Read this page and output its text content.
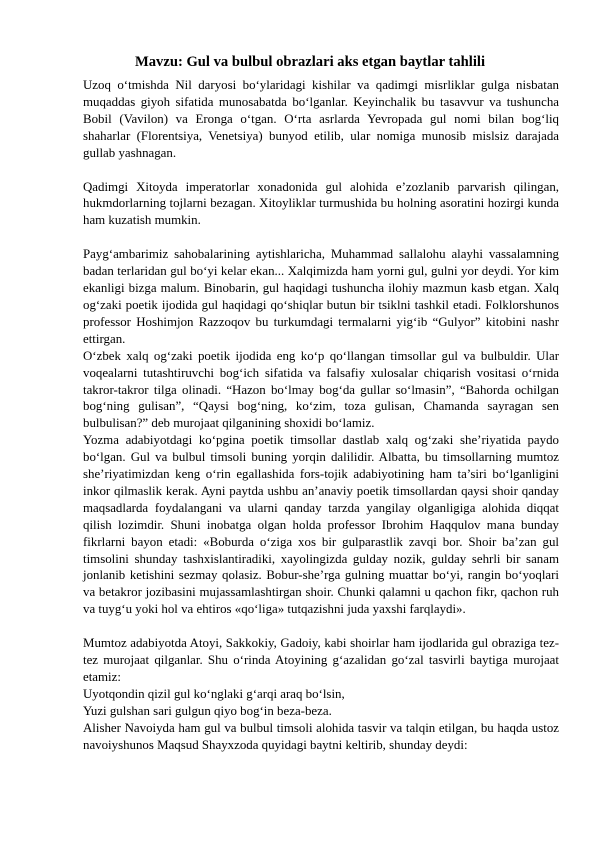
Mavzu: Gul va bulbul obrazlari aks etgan baytlar tahlili

Uzoq o‘tmishda Nil daryosi bo‘ylaridagi kishilar va qadimgi misrliklar gulga nisbatan muqaddas giyoh sifatida munosabatda bo‘lganlar. Keyinchalik bu tasavvur va tushuncha Bobil (Vavilon) va Eronga o‘tgan. O‘rta asrlarda Yevropada gul nomi bilan bog‘liq shaharlar (Florentsiya, Venetsiya) bunyod etilib, ular nomiga munosib mislsiz darajada gullab yashnagan.

Qadimgi Xitoyda imperatorlar xonadonida gul alohida e’zozlanib parvarish qilingan, hukmdorlarning tojlarni bezagan. Xitoyliklar turmushida bu holning asoratini hozirgi kunda ham kuzatish mumkin.

Payg‘ambarimiz sahobalarining aytishlaricha, Muhammad sallalohu alayhi vassalamning badan terlaridan gul bo‘yi kelar ekan... Xalqimizda ham yorni gul, gulni yor deydi. Yor kim ekanligi bizga malum. Binobarin, gul haqidagi tushuncha ilohiy mazmun kasb etgan. Xalq og‘zaki poetik ijodida gul haqidagi qo‘shiqlar butun bir tsiklni tashkil etadi. Folklorshunos professor Hoshimjon Razzoqov bu turkumdagi termalarni yig‘ib “Gulyor” kitobini nashr ettirgan.

O‘zbek xalq og‘zaki poetik ijodida eng ko‘p qo‘llangan timsollar gul va bulbuldir. Ular voqealarni tutashtiruvchi bog‘ich sifatida va falsafiy xulosalar chiqarish vositasi o‘rnida takror-takror tilga olinadi. “Hazon bo‘lmay bog‘da gullar so‘lmasin”, “Bahorda ochilgan bog‘ning gulisan”, “Qaysi bog‘ning, ko‘zim, toza gulisan, Chamanda sayragan sen bulbulisan?” deb murojaat qilganining shoxidi bo‘lamiz.

Yozma adabiyotdagi ko‘pgina poetik timsollar dastlab xalq og‘zaki she’riyatida paydo bo‘lgan. Gul va bulbul timsoli buning yorqin dalilidir. Albatta, bu timsollarning mumtoz she’riyatimizdan keng o‘rin egallashida fors-tojik adabiyotining ham ta’siri bo‘lganligini inkor qilmaslik kerak. Ayni paytda ushbu an’anaviy poetik timsollardan qaysi shoir qanday maqsadlarda foydalangani va ularni qanday tarzda yangilay olganligiga alohida diqqat qilish lozimdir. Shuni inobatga olgan holda professor Ibrohim Haqqulov mana bunday fikrlarni bayon etadi: «Boburda o‘ziga xos bir gulparastlik zavqi bor. Shoir ba’zan gul timsolini shunday tashxislantiradiki, xayolingizda gulday nozik, gulday sehrli bir sanam jonlanib ketishini sezmay qolasiz. Bobur-she’rga gulning muattar bo‘yi, rangin bo‘yoqlari va betakror jozibasini mujassamlashtirgan shoir. Chunki qalamni u qachon fikr, qachon ruh va tuyg‘u yoki hol va ehtiros «qo‘liga» tutqazishni juda yaxshi farqlaydi».

Mumtoz adabiyotda Atoyi, Sakkokiy, Gadoiy, kabi shoirlar ham ijodlarida gul obraziga tez-tez murojaat qilganlar. Shu o‘rinda Atoyining g‘azalidan go‘zal tasvirli baytiga murojaat etamiz:

Uyotqondin qizil gul ko‘nglaki g‘arqi araq bo‘lsin,

Yuzi gulshan sari gulgun qiyo bog‘in beza-beza.

Alisher Navoiyda ham gul va bulbul timsoli alohida tasvir va talqin etilgan, bu haqda ustoz navoiyshunos Maqsud Shayxzoda quyidagi baytni keltirib, shunday deydi:
